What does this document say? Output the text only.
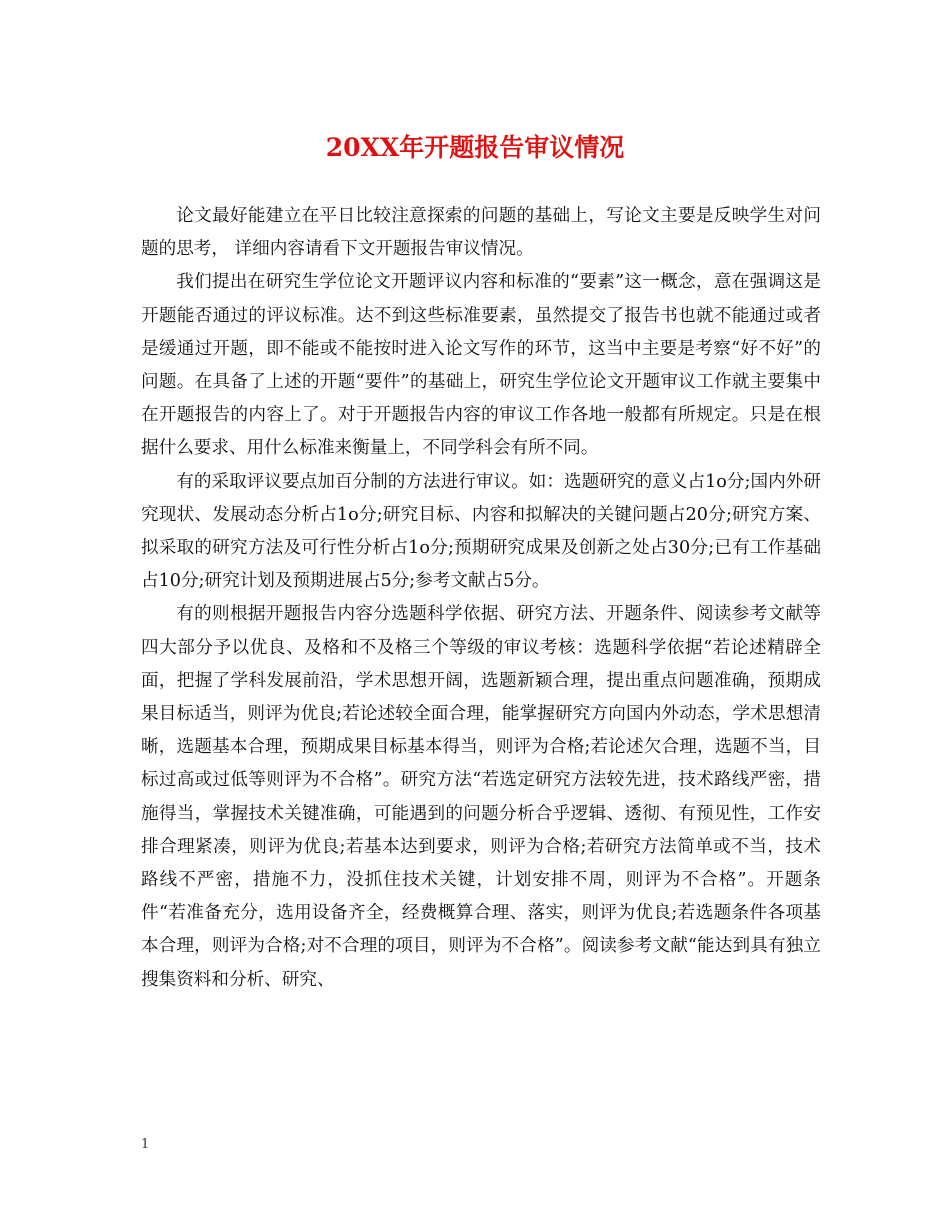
20XX年开题报告审议情况

论文最好能建立在平日比较注意探索的问题的基础上，写论文主要是反映学生对问题的思考， 详细内容请看下文开题报告审议情况。

我们提出在研究生学位论文开题评议内容和标准的“要素”这一概念，意在强调这是开题能否通过的评议标准。达不到这些标准要素，虽然提交了报告书也就不能通过或者是缓通过开题，即不能或不能按时进入论文写作的环节，这当中主要是考察“好不好”的问题。在具备了上述的开题“要件”的基础上，研究生学位论文开题审议工作就主要集中在开题报告的内容上了。对于开题报告内容的审议工作各地一般都有所规定。只是在根据什么要求、用什么标准来衡量上，不同学科会有所不同。

有的采取评议要点加百分制的方法进行审议。如：选题研究的意义占1o分;国内外研究现状、发展动态分析占1o分;研究目标、内容和拟解决的关键问题占20分;研究方案、拟采取的研究方法及可行性分析占1o分;预期研究成果及创新之处占30分;已有工作基础占10分;研究计划及预期进展占5分;参考文献占5分。

有的则根据开题报告内容分选题科学依据、研究方法、开题条件、阅读参考文献等四大部分予以优良、及格和不及格三个等级的审议考核：选题科学依据“若论述精辟全面，把握了学科发展前沿，学术思想开阔，选题新颖合理，提出重点问题准确，预期成果目标适当，则评为优良;若论述较全面合理，能掌握研究方向国内外动态，学术思想清晰，选题基本合理，预期成果目标基本得当，则评为合格;若论述欠合理，选题不当，目标过高或过低等则评为不合格”。研究方法“若选定研究方法较先进，技术路线严密，措施得当，掌握技术关键准确，可能遇到的问题分析合乎逻辑、透彻、有预见性，工作安排合理紧凑，则评为优良;若基本达到要求，则评为合格;若研究方法简单或不当，技术路线不严密，措施不力，没抓住技术关键，计划安排不周，则评为不合格”。开题条件“若准备充分，选用设备齐全，经费概算合理、落实，则评为优良;若选题条件各项基本合理，则评为合格;对不合理的项目，则评为不合格”。阅读参考文献“能达到具有独立搜集资料和分析、研究、

1
